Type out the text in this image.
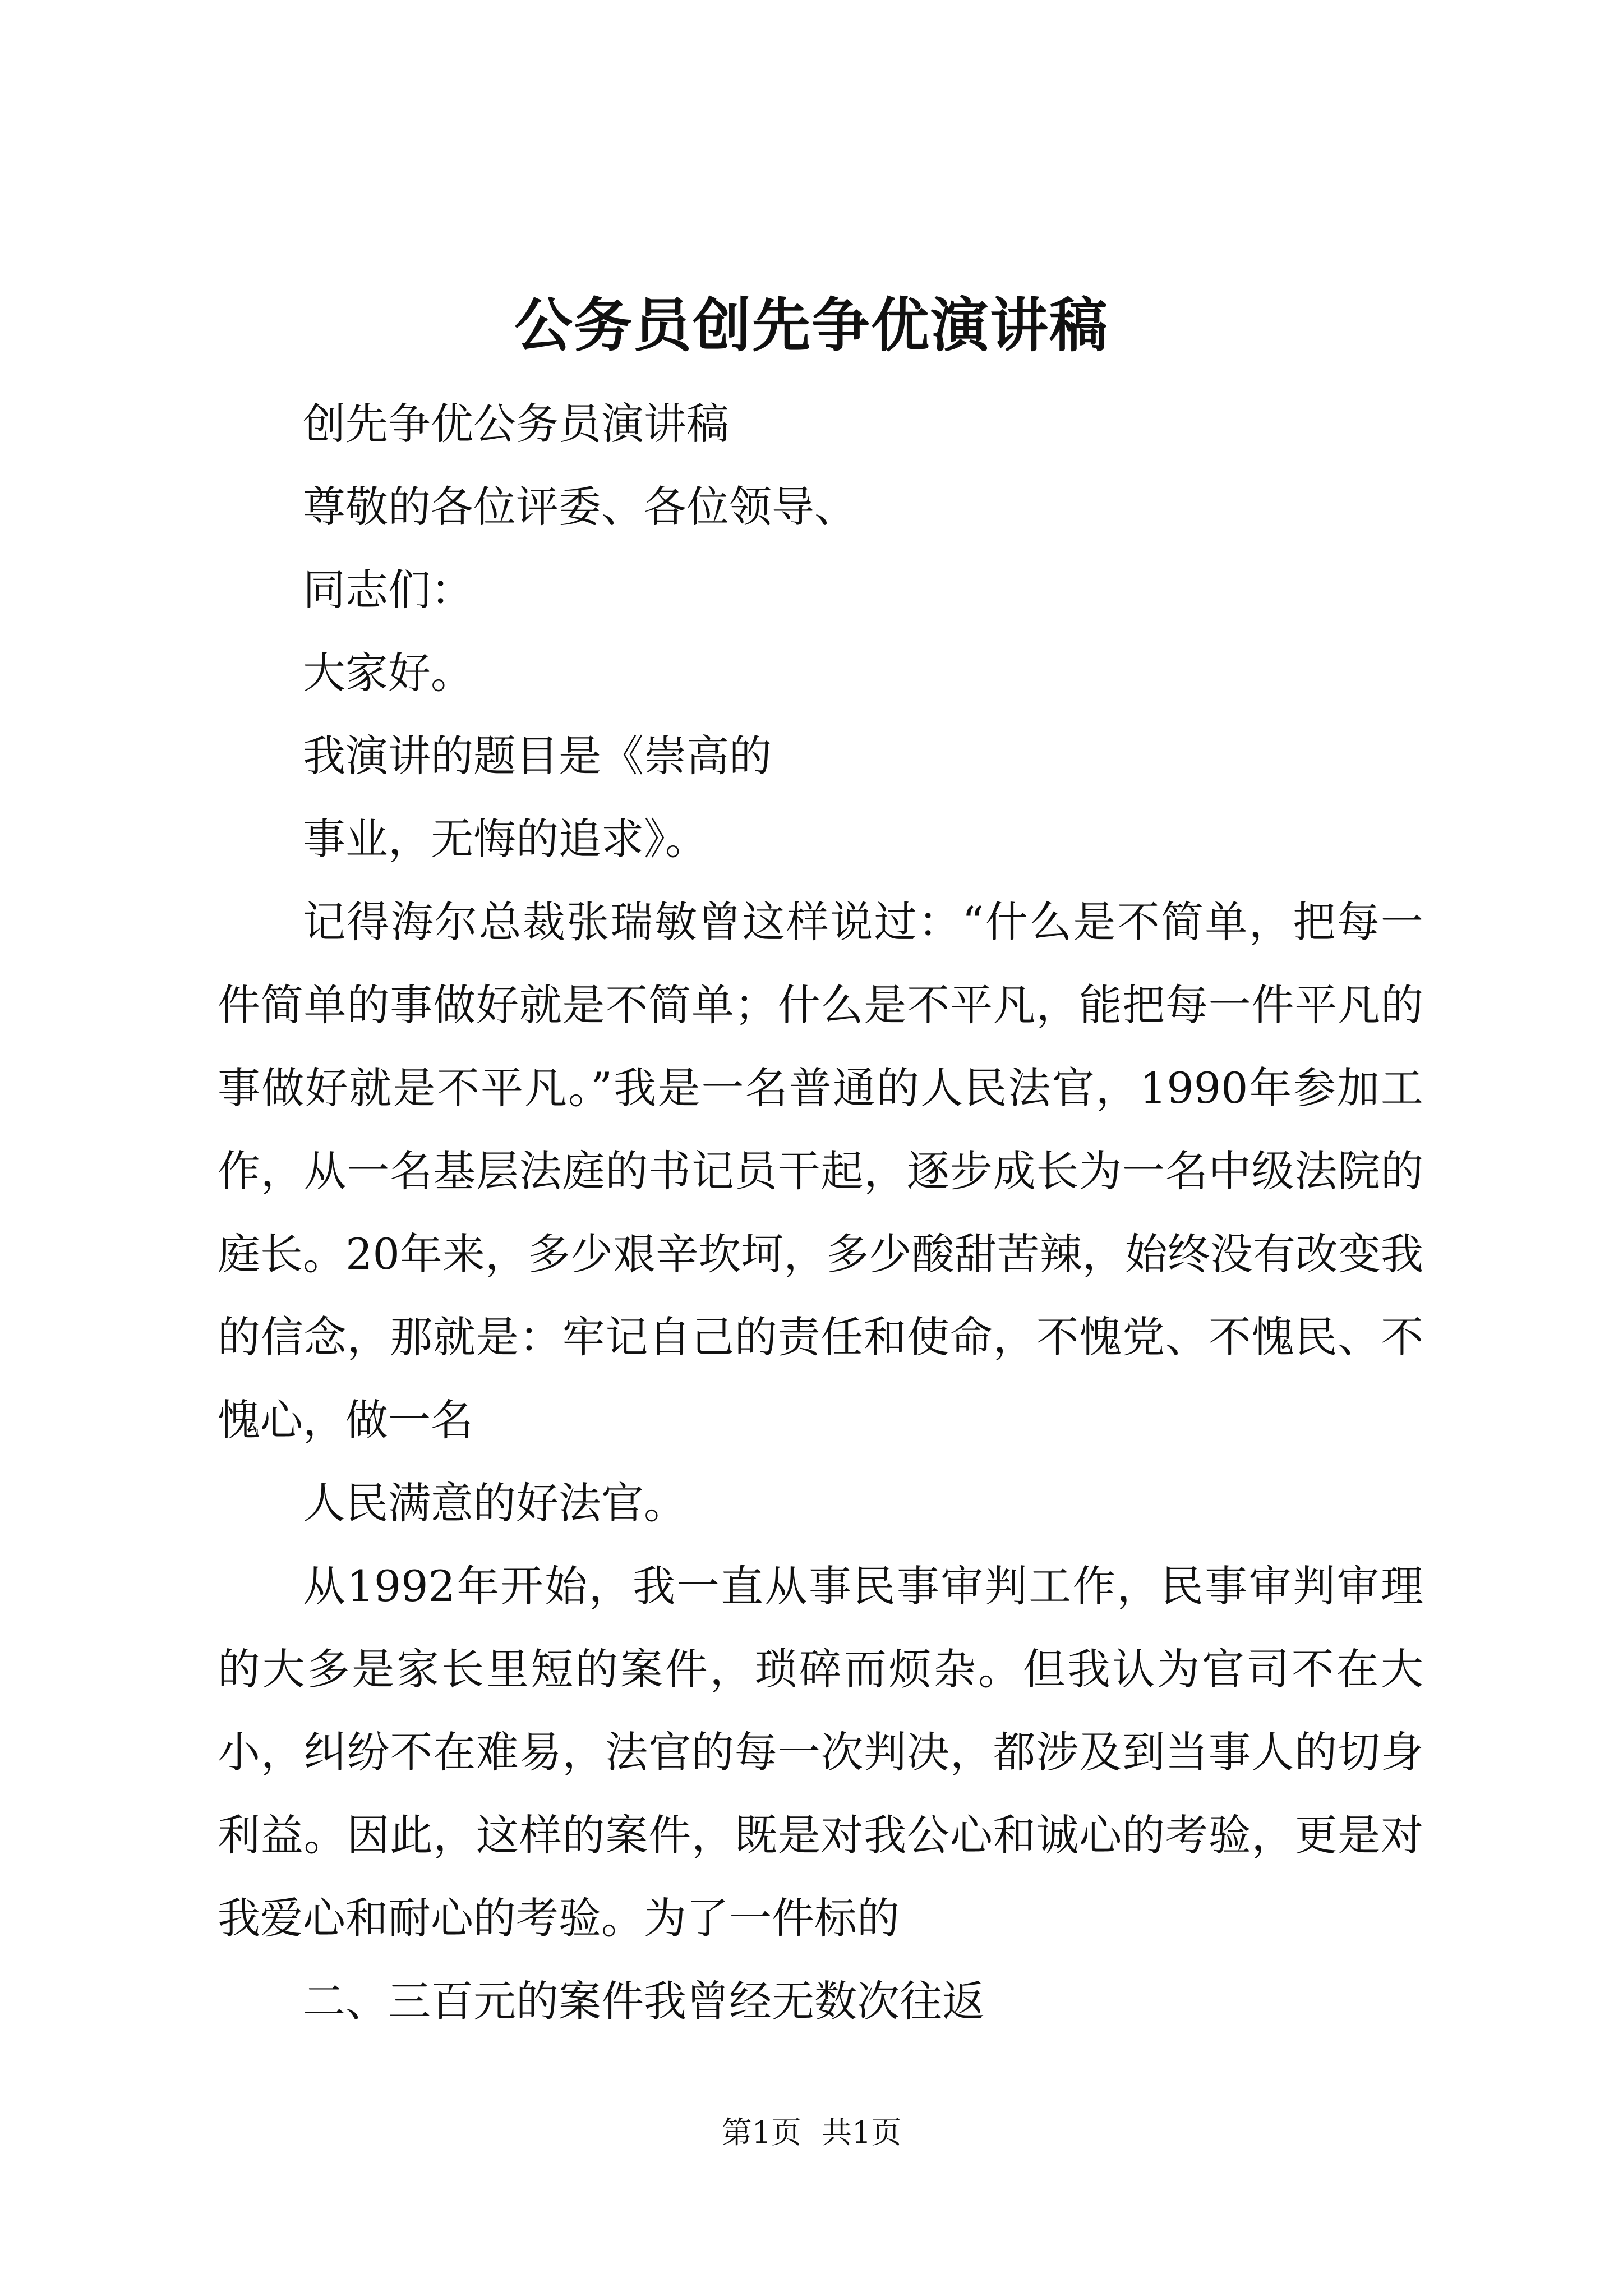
公务员创先争优演讲稿

创先争优公务员演讲稿

尊敬的各位评委、各位领导、

同志们：

大家好。

我演讲的题目是《崇高的

事业，无悔的追求》。

记得海尔总裁张瑞敏曾这样说过：“什么是不简单，把每一件简单的事做好就是不简单；什么是不平凡，能把每一件平凡的事做好就是不平凡。”我是一名普通的人民法官，1990年参加工作，从一名基层法庭的书记员干起，逐步成长为一名中级法院的庭长。20年来，多少艰辛坎坷，多少酸甜苦辣，始终没有改变我的信念，那就是：牢记自己的责任和使命，不愧党、不愧民、不愧心，做一名

人民满意的好法官。

从1992年开始，我一直从事民事审判工作，民事审判审理的大多是家长里短的案件，琐碎而烦杂。但我认为官司不在大小，纠纷不在难易，法官的每一次判决，都涉及到当事人的切身利益。因此，这样的案件，既是对我公心和诚心的考验，更是对我爱心和耐心的考验。为了一件标的

二、三百元的案件我曾经无数次往返

第1页 共1页
